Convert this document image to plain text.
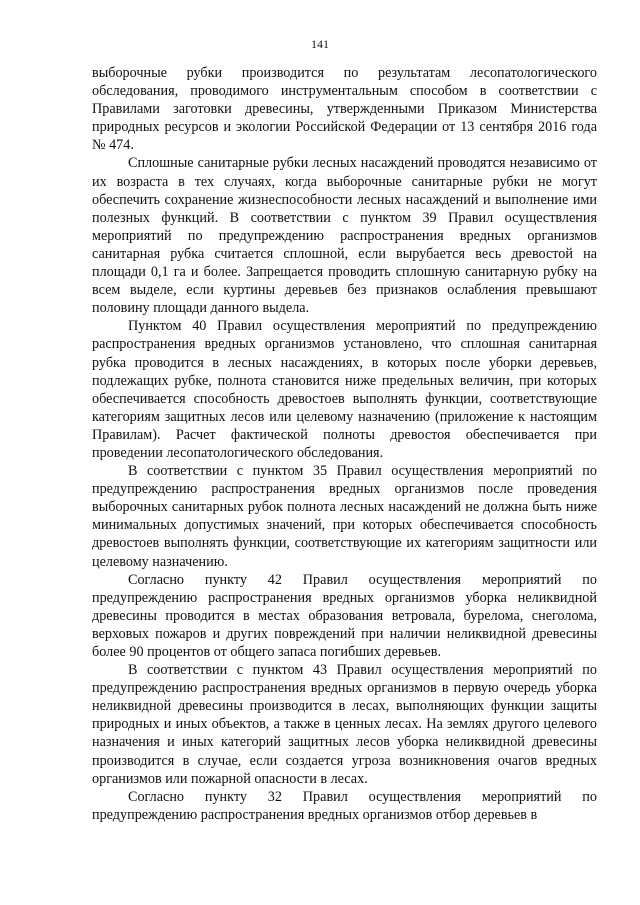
141

выборочные рубки производится по результатам лесопатологического обследования, проводимого инструментальным способом в соответствии с Правилами заготовки древесины, утвержденными Приказом Министерства природных ресурсов и экологии Российской Федерации от 13 сентября 2016 года № 474.

Сплошные санитарные рубки лесных насаждений проводятся независимо от их возраста в тех случаях, когда выборочные санитарные рубки не могут обеспечить сохранение жизнеспособности лесных насаждений и выполнение ими полезных функций. В соответствии с пунктом 39 Правил осуществления мероприятий по предупреждению распространения вредных организмов санитарная рубка считается сплошной, если вырубается весь древостой на площади 0,1 га и более. Запрещается проводить сплошную санитарную рубку на всем выделе, если куртины деревьев без признаков ослабления превышают половину площади данного выдела.

Пунктом 40 Правил осуществления мероприятий по предупреждению распространения вредных организмов установлено, что сплошная санитарная рубка проводится в лесных насаждениях, в которых после уборки деревьев, подлежащих рубке, полнота становится ниже предельных величин, при которых обеспечивается способность древостоев выполнять функции, соответствующие категориям защитных лесов или целевому назначению (приложение к настоящим Правилам). Расчет фактической полноты древостоя обеспечивается при проведении лесопатологического обследования.

В соответствии с пунктом 35 Правил осуществления мероприятий по предупреждению распространения вредных организмов после проведения выборочных санитарных рубок полнота лесных насаждений не должна быть ниже минимальных допустимых значений, при которых обеспечивается способность древостоев выполнять функции, соответствующие их категориям защитности или целевому назначению.

Согласно пункту 42 Правил осуществления мероприятий по предупреждению распространения вредных организмов уборка неликвидной древесины проводится в местах образования ветровала, бурелома, снеголома, верховых пожаров и других повреждений при наличии неликвидной древесины более 90 процентов от общего запаса погибших деревьев.

В соответствии с пунктом 43 Правил осуществления мероприятий по предупреждению распространения вредных организмов в первую очередь уборка неликвидной древесины производится в лесах, выполняющих функции защиты природных и иных объектов, а также в ценных лесах. На землях другого целевого назначения и иных категорий защитных лесов уборка неликвидной древесины производится в случае, если создается угроза возникновения очагов вредных организмов или пожарной опасности в лесах.

Согласно пункту 32 Правил осуществления мероприятий по предупреждению распространения вредных организмов отбор деревьев в
